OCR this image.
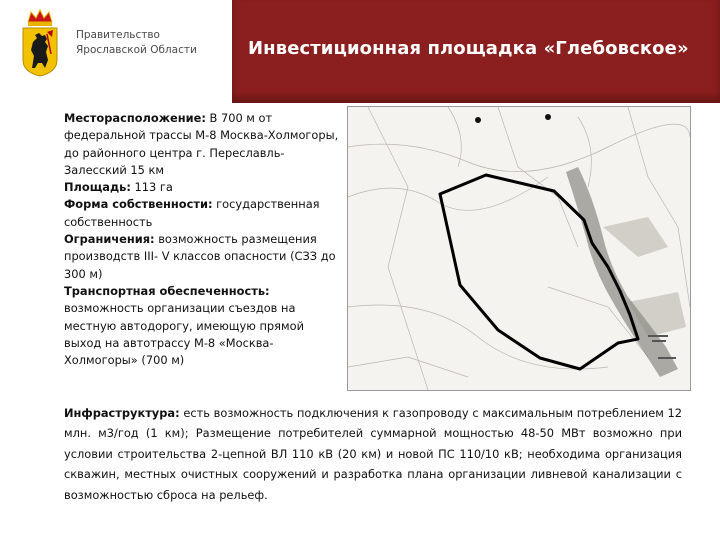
Правительство
Ярославской Области	Инвестиционная площадка «Глебовское»

Месторасположение: В 700 м от федеральной трассы М-8 Москва-Холмогоры, до районного центра г. Переславль-Залесский 15 км

Площадь: 113 га

Форма собственности: государственная собственность

Ограничения: возможность размещения производств III- V классов опасности (СЗЗ до 300 м)

Транспортная обеспеченность: возможность организации съездов на местную автодорогу, имеющую прямой выход на автотрассу М-8 «Москва-Холмогоры» (700 м)

Инфраструктура: есть возможность подключения к газопроводу с максимальным потреблением 12 млн. м3/год (1 км); Размещение потребителей суммарной мощностью 48-50 МВт возможно при условии строительства 2-цепной ВЛ 110 кВ (20 км) и новой ПС 110/10 кВ; необходима организация скважин, местных очистных сооружений и разработка плана организации ливневой канализации с возможностью сброса на рельеф.
